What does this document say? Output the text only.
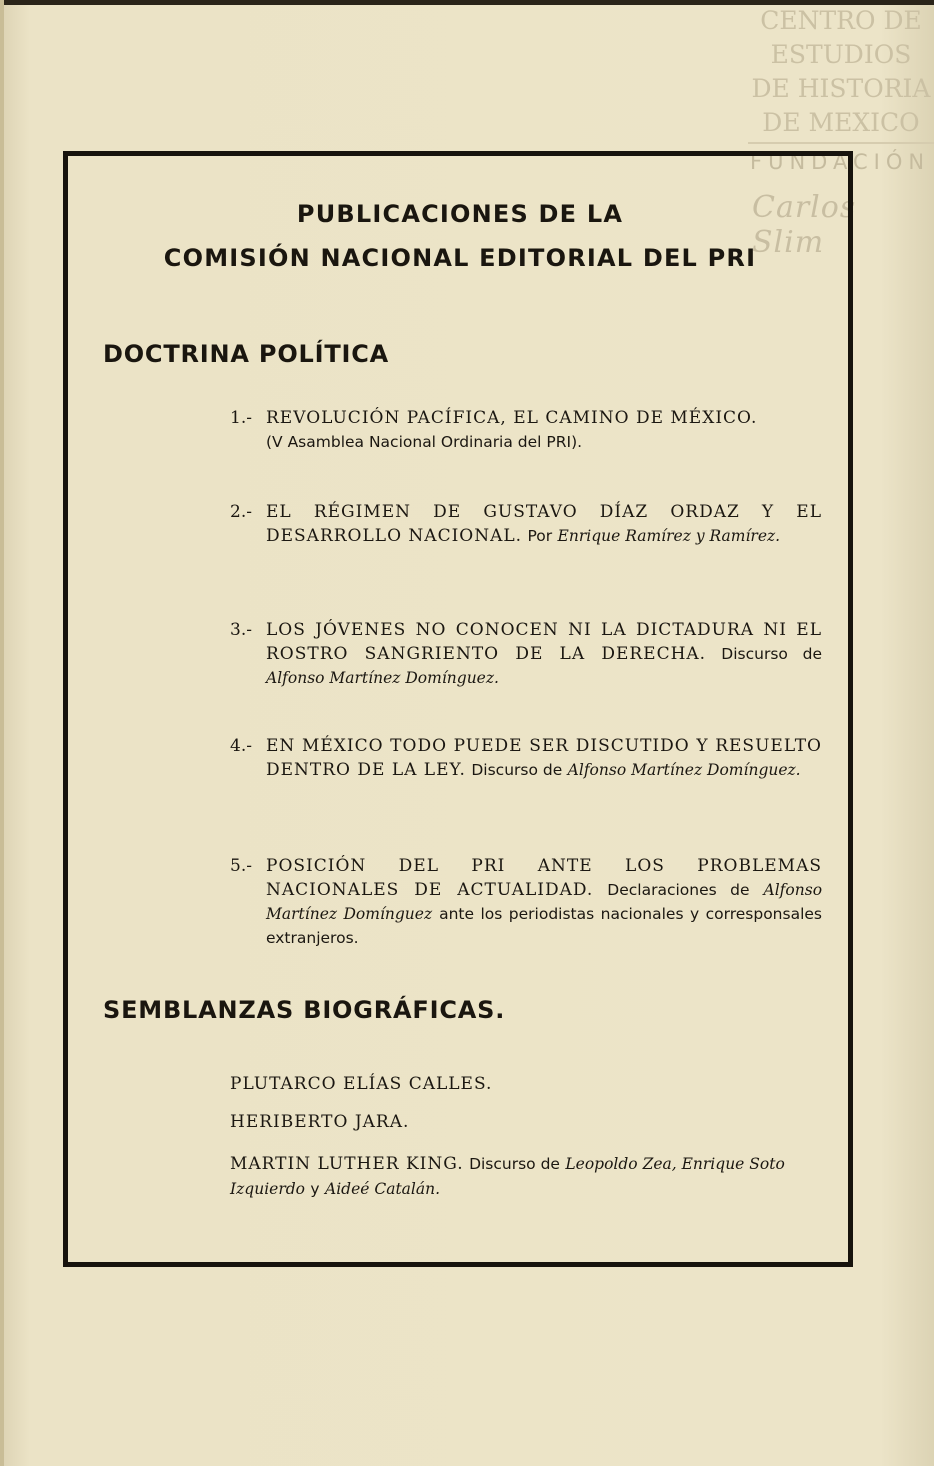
CENTRO DE
ESTUDIOS
DE HISTORIA
DE MEXICO
FUNDACIÓN
Carlos Slim
PUBLICACIONES DE LA
COMISIÓN NACIONAL EDITORIAL DEL PRI
DOCTRINA POLÍTICA
1.- REVOLUCIÓN PACÍFICA, EL CAMINO DE MÉXICO.
(V Asamblea Nacional Ordinaria del PRI).
2.- EL RÉGIMEN DE GUSTAVO DÍAZ ORDAZ Y EL DESARROLLO NACIONAL. Por Enrique Ramírez y Ramírez.
3.- LOS JÓVENES NO CONOCEN NI LA DICTADURA NI EL ROSTRO SANGRIENTO DE LA DERECHA. Discurso de Alfonso Martínez Domínguez.
4.- EN MÉXICO TODO PUEDE SER DISCUTIDO Y RESUELTO DENTRO DE LA LEY. Discurso de Alfonso Martínez Domínguez.
5.- POSICIÓN DEL PRI ANTE LOS PROBLEMAS NACIONALES DE ACTUALIDAD. Declaraciones de Alfonso Martínez Domínguez ante los periodistas nacionales y corresponsales extranjeros.
SEMBLANZAS BIOGRÁFICAS.
PLUTARCO ELÍAS CALLES.
HERIBERTO JARA.
MARTIN LUTHER KING. Discurso de Leopoldo Zea, Enrique Soto Izquierdo y Aideé Catalán.
